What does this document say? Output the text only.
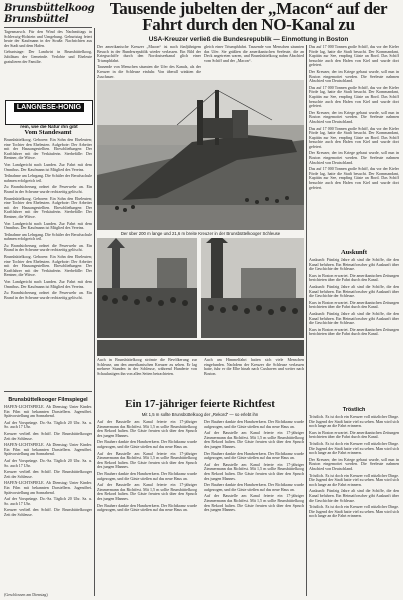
Brunsbüttelkoog
Brunsbüttel
Tausende jubelten der „Macon“ auf der Fahrt durch den NO-Kanal zu
USA-Kreuzer verließ die Bundesrepublik — Einmottung in Boston

Tagesmarsch. Für den Wind des Nachmittags in Schleswig-Holstein und Umgebung. Geburtstag feiert heute der Kaufmann in der Straße. Nachrichten aus der Stadt und dem Hafen.

Geburtstage: Der Landwirt in Brunsbüttelkoog, Jubiläum der Gemeinde. Verlobte und Eheleute gratulieren der Familie.

LANGNESE-HONIG
rein, wie die Natur ihn gibt
Vom Standesamt

Brunsbüttelkoog. Geboren: Ein Sohn den Eheleuten; eine Tochter den Eheleuten. Aufgebote: Der Arbeiter mit der Hausangestellten. Eheschließungen: Der Kraftfahrer mit der Verkäuferin. Sterbefälle: Der Rentner, die Witwe.

Von Landgericht nach Lunden. Zur Fahrt mit dem Omnibus. Der Kaufmann ist Mitglied des Vereins.

Teilnahme am Lehrgang. Die Schüler der Berufsschule nahmen erfolgreich teil.

Zu Brandsicherung ordnet die Feuerwehr an. Ein Brand in der Scheune wurde rechtzeitig gelöscht.

Brunsbüttelkoog. Geboren: Ein Sohn den Eheleuten; eine Tochter den Eheleuten. Aufgebote: Der Arbeiter mit der Hausangestellten. Eheschließungen: Der Kraftfahrer mit der Verkäuferin. Sterbefälle: Der Rentner, die Witwe.

Von Landgericht nach Lunden. Zur Fahrt mit dem Omnibus. Der Kaufmann ist Mitglied des Vereins.

Teilnahme am Lehrgang. Die Schüler der Berufsschule nahmen erfolgreich teil.

Zu Brandsicherung ordnet die Feuerwehr an. Ein Brand in der Scheune wurde rechtzeitig gelöscht.

Brunsbüttelkoog. Geboren: Ein Sohn den Eheleuten; eine Tochter den Eheleuten. Aufgebote: Der Arbeiter mit der Hausangestellten. Eheschließungen: Der Kraftfahrer mit der Verkäuferin. Sterbefälle: Der Rentner, die Witwe.

Von Landgericht nach Lunden. Zur Fahrt mit dem Omnibus. Der Kaufmann ist Mitglied des Vereins.

Zu Brandsicherung ordnet die Feuerwehr an. Ein Brand in der Scheune wurde rechtzeitig gelöscht.

Brunsbüttelkooger Filmspiegel

HAFEN-LICHTSPIELE. Ab Dienstag: Unter Kinder. Ein Film mit bekannten Darstellern. Jugendfrei. Spätvorstellung am Sonnabend.

Auf der Vorsprünge. Do.-Sa. Täglich 20 Uhr. Sa. u. So. auch 17 Uhr.

Kreuzer verließ den Schiff. Die Brunsbüttelkooger Zeit der Schleuse.

HAFEN-LICHTSPIELE. Ab Dienstag: Unter Kinder. Ein Film mit bekannten Darstellern. Jugendfrei. Spätvorstellung am Sonnabend.

Auf der Vorsprünge. Do.-Sa. Täglich 20 Uhr. Sa. u. So. auch 17 Uhr.

Kreuzer verließ den Schiff. Die Brunsbüttelkooger Zeit der Schleuse.

HAFEN-LICHTSPIELE. Ab Dienstag: Unter Kinder. Ein Film mit bekannten Darstellern. Jugendfrei. Spätvorstellung am Sonnabend.

Auf der Vorsprünge. Do.-Sa. Täglich 20 Uhr. Sa. u. So. auch 17 Uhr.

Kreuzer verließ den Schiff. Die Brunsbüttelkooger Zeit der Schleuse.

(Geschlossen am Dienstag)

Der amerikanische Kreuzer „Macon“ ist nach fünfjährigem Besuch in der Bundesrepublik wieder verlassen. Ein Bild der Kriegsschiffe durch den Nordostseekanal glich einer Triumphfahrt.

Tausende von Menschen säumten die Ufer des Kanals, als der Kreuzer in die Schleuse einfuhr. Von überall winkten die Zuschauer.

gleich einer Triumphfahrt. Tausende von Menschen säumten das Ufer. Sie grüßten die amerikanischen Seeleute, die an Deck angetreten waren, und Brunsbüttelkoog nahm Abschied vom Schiff und der „Macon“.

Der über 200 m lange und 21,6 m breite Kreuzer in der Brunsbüttelkooger Schleuse

Auch in Brunsbüttelkoog strömte die Bevölkerung zur Schleuse, um den amerikanischen Kreuzer zu sehen. Er lag mehrere Stunden in der Schleuse, während Hunderte von Schaulustigen ihn von allen Seiten betrachteten.

Auch am Himmelfahrt hatten sich viele Menschen eingefunden. Nachdem der Kreuzer die Schleuse verlassen hatte, fuhr er die Elbe hinab nach Cuxhaven und weiter nach Boston.

Ein 17-jähriger feierte Richtfest
Mit 1,5 m sollte Brunsbüttelkoog der „Rekord“ — so erlebt ihn

Auf der Baustelle am Kanal feierte ein 17-jähriger Zimmermann das Richtfest. Mit 1,5 m sollte Brunsbüttelkoog den Rekord halten. Die Gäste freuten sich über den Spruch des jungen Mannes.

Der Bauherr dankte den Handwerkern. Der Richtkranz wurde aufgezogen, und die Gäste stießen auf das neue Haus an.

Auf der Baustelle am Kanal feierte ein 17-jähriger Zimmermann das Richtfest. Mit 1,5 m sollte Brunsbüttelkoog den Rekord halten. Die Gäste freuten sich über den Spruch des jungen Mannes.

Der Bauherr dankte den Handwerkern. Der Richtkranz wurde aufgezogen, und die Gäste stießen auf das neue Haus an.

Auf der Baustelle am Kanal feierte ein 17-jähriger Zimmermann das Richtfest. Mit 1,5 m sollte Brunsbüttelkoog den Rekord halten. Die Gäste freuten sich über den Spruch des jungen Mannes.

Der Bauherr dankte den Handwerkern. Der Richtkranz wurde aufgezogen, und die Gäste stießen auf das neue Haus an.

Der Bauherr dankte den Handwerkern. Der Richtkranz wurde aufgezogen, und die Gäste stießen auf das neue Haus an.

Auf der Baustelle am Kanal feierte ein 17-jähriger Zimmermann das Richtfest. Mit 1,5 m sollte Brunsbüttelkoog den Rekord halten. Die Gäste freuten sich über den Spruch des jungen Mannes.

Der Bauherr dankte den Handwerkern. Der Richtkranz wurde aufgezogen, und die Gäste stießen auf das neue Haus an.

Auf der Baustelle am Kanal feierte ein 17-jähriger Zimmermann das Richtfest. Mit 1,5 m sollte Brunsbüttelkoog den Rekord halten. Die Gäste freuten sich über den Spruch des jungen Mannes.

Der Bauherr dankte den Handwerkern. Der Richtkranz wurde aufgezogen, und die Gäste stießen auf das neue Haus an.

Auf der Baustelle am Kanal feierte ein 17-jähriger Zimmermann das Richtfest. Mit 1,5 m sollte Brunsbüttelkoog den Rekord halten. Die Gäste freuten sich über den Spruch des jungen Mannes.

Das auf 17 000 Tonnen große Schiff, das vor der Kieler Förde lag, hatte die Stadt besucht. Der Kommandant, Kapitän zur See, empfing Gäste an Bord. Das Schiff besuchte auch den Hafen von Kiel und wurde dort gefeiert.

Der Kreuzer, der im Kriege gebaut wurde, soll nun in Boston eingemottet werden. Die Seeleute nahmen Abschied von Deutschland.

Das auf 17 000 Tonnen große Schiff, das vor der Kieler Förde lag, hatte die Stadt besucht. Der Kommandant, Kapitän zur See, empfing Gäste an Bord. Das Schiff besuchte auch den Hafen von Kiel und wurde dort gefeiert.

Der Kreuzer, der im Kriege gebaut wurde, soll nun in Boston eingemottet werden. Die Seeleute nahmen Abschied von Deutschland.

Das auf 17 000 Tonnen große Schiff, das vor der Kieler Förde lag, hatte die Stadt besucht. Der Kommandant, Kapitän zur See, empfing Gäste an Bord. Das Schiff besuchte auch den Hafen von Kiel und wurde dort gefeiert.

Der Kreuzer, der im Kriege gebaut wurde, soll nun in Boston eingemottet werden. Die Seeleute nahmen Abschied von Deutschland.

Das auf 17 000 Tonnen große Schiff, das vor der Kieler Förde lag, hatte die Stadt besucht. Der Kommandant, Kapitän zur See, empfing Gäste an Bord. Das Schiff besuchte auch den Hafen von Kiel und wurde dort gefeiert.

Auskunft

Auskunft: Fünfzig Jahre alt sind die Schiffe, die den Kanal befahren. Ein Heimatforscher gibt Auskunft über die Geschichte der Schleuse.

Kurs in Boston erwartet. Die amerikanischen Zeitungen berichteten über die Fahrt durch den Kanal.

Auskunft: Fünfzig Jahre alt sind die Schiffe, die den Kanal befahren. Ein Heimatforscher gibt Auskunft über die Geschichte der Schleuse.

Kurs in Boston erwartet. Die amerikanischen Zeitungen berichteten über die Fahrt durch den Kanal.

Auskunft: Fünfzig Jahre alt sind die Schiffe, die den Kanal befahren. Ein Heimatforscher gibt Auskunft über die Geschichte der Schleuse.

Kurs in Boston erwartet. Die amerikanischen Zeitungen berichteten über die Fahrt durch den Kanal.

Tröstlich

Tröstlich. Es ist doch ein Kreuzer voll nützlicher Dinge. Die Jugend der Stadt hatte viel zu sehen. Man wird sich noch lange an die Fahrt erinnern.

Kurs in Boston erwartet. Die amerikanischen Zeitungen berichteten über die Fahrt durch den Kanal.

Tröstlich. Es ist doch ein Kreuzer voll nützlicher Dinge. Die Jugend der Stadt hatte viel zu sehen. Man wird sich noch lange an die Fahrt erinnern.

Der Kreuzer, der im Kriege gebaut wurde, soll nun in Boston eingemottet werden. Die Seeleute nahmen Abschied von Deutschland.

Tröstlich. Es ist doch ein Kreuzer voll nützlicher Dinge. Die Jugend der Stadt hatte viel zu sehen. Man wird sich noch lange an die Fahrt erinnern.

Auskunft: Fünfzig Jahre alt sind die Schiffe, die den Kanal befahren. Ein Heimatforscher gibt Auskunft über die Geschichte der Schleuse.

Tröstlich. Es ist doch ein Kreuzer voll nützlicher Dinge. Die Jugend der Stadt hatte viel zu sehen. Man wird sich noch lange an die Fahrt erinnern.
